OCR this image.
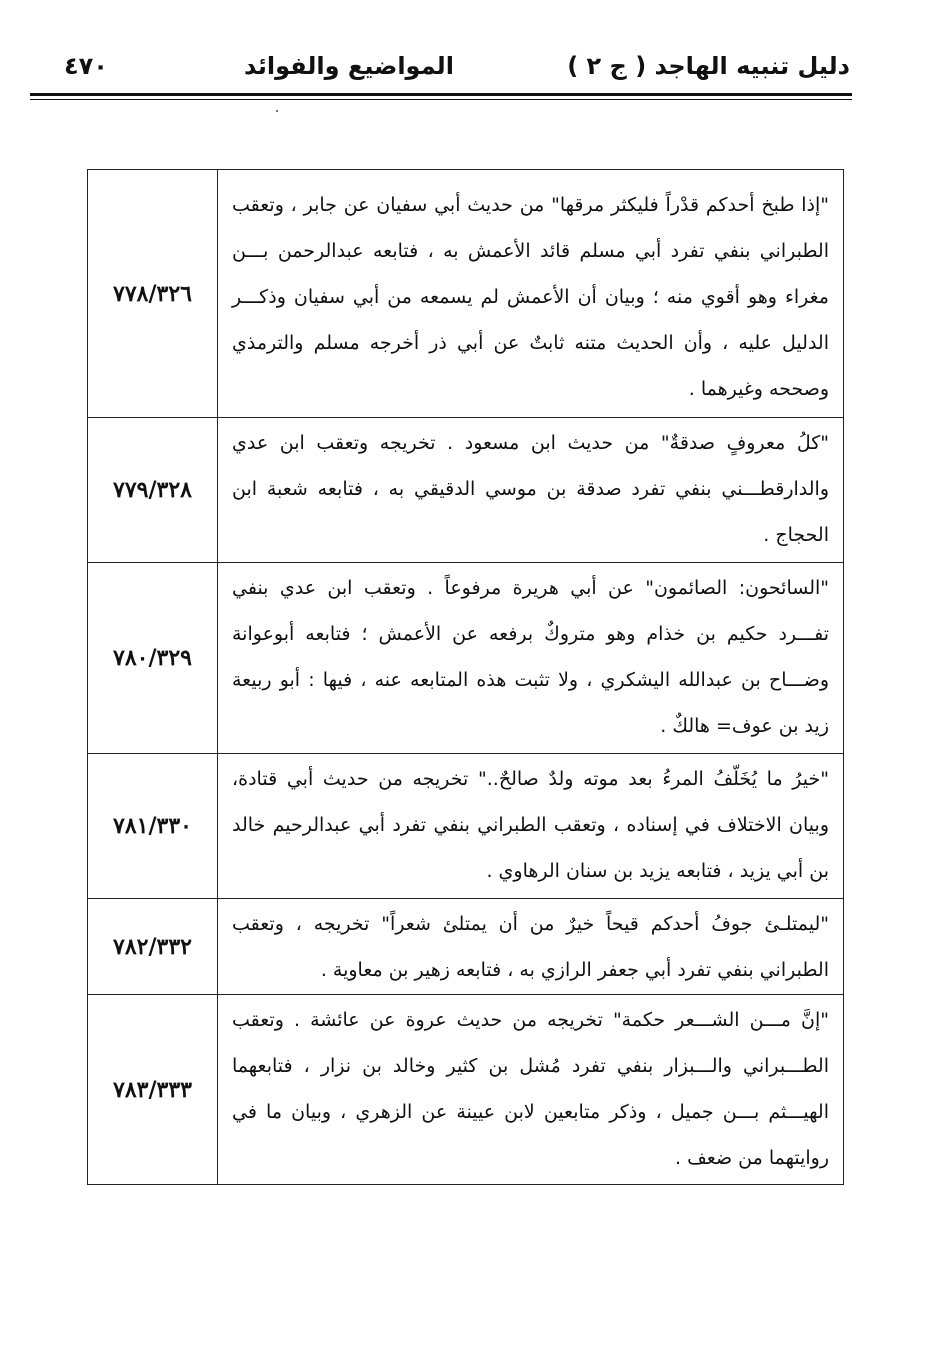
دليل تنبيه الهاجد ( ج ٢ )
المواضيع والفوائد
٤٧٠
٧٧٨/٣٢٦
"إذا طبخ أحدكم قدْراً فليكثر مرقها" من حديث أبي سفيان عن جابر ، وتعقب الطبراني بنفي تفرد أبي مسلم قائد الأعمش به ، فتابعه عبدالرحمن بـــن مغراء وهو أقوي منه ؛ وبيان أن الأعمش لم يسمعه من أبي سفيان وذكـــر الدليل عليه ، وأن الحديث متنه ثابتٌ عن أبي ذر أخرجه مسلم والترمذي وصححه وغيرهما .
٧٧٩/٣٢٨
"كلُ معروفٍ صدقةٌ" من حديث ابن مسعود . تخريجه وتعقب ابن عدي والدارقطـــني بنفي تفرد صدقة بن موسي الدقيقي به ، فتابعه شعبة ابن الحجاج .
٧٨٠/٣٢٩
"السائحون: الصائمون" عن أبي هريرة مرفوعاً . وتعقب ابن عدي بنفي تفـــرد حكيم بن خذام وهو متروكٌ برفعه عن الأعمش ؛ فتابعه أبوعوانة وضـــاح بن عبدالله اليشكري ، ولا تثبت هذه المتابعه عنه ، فيها : أبو ربيعة زيد بن عوف= هالكٌ .
٧٨١/٣٣٠
"خيرُ ما يُخَلّفُ المرءُ بعد موته ولدٌ صالحٌ.." تخريجه من حديث أبي قتادة، وبيان الاختلاف في إسناده ، وتعقب الطبراني بنفي تفرد أبي عبدالرحيم خالد بن أبي يزيد ، فتابعه يزيد بن سنان الرهاوي .
٧٨٢/٣٣٢
"ليمتلـئ جوفُ أحدكم قيحاً خيرٌ من أن يمتلئ شعراً" تخريجه ، وتعقب الطبراني بنفي تفرد أبي جعفر الرازي به ، فتابعه زهير بن معاوية .
٧٨٣/٣٣٣
"إنَّ مـــن الشـــعر حكمة" تخريجه من حديث عروة عن عائشة . وتعقب الطـــبراني والـــبزار بنفي تفرد مُشل بن كثير وخالد بن نزار ، فتابعهما الهيـــثم بـــن جميل ، وذكر متابعين لابن عيينة عن الزهري ، وبيان ما في روايتهما من ضعف .
